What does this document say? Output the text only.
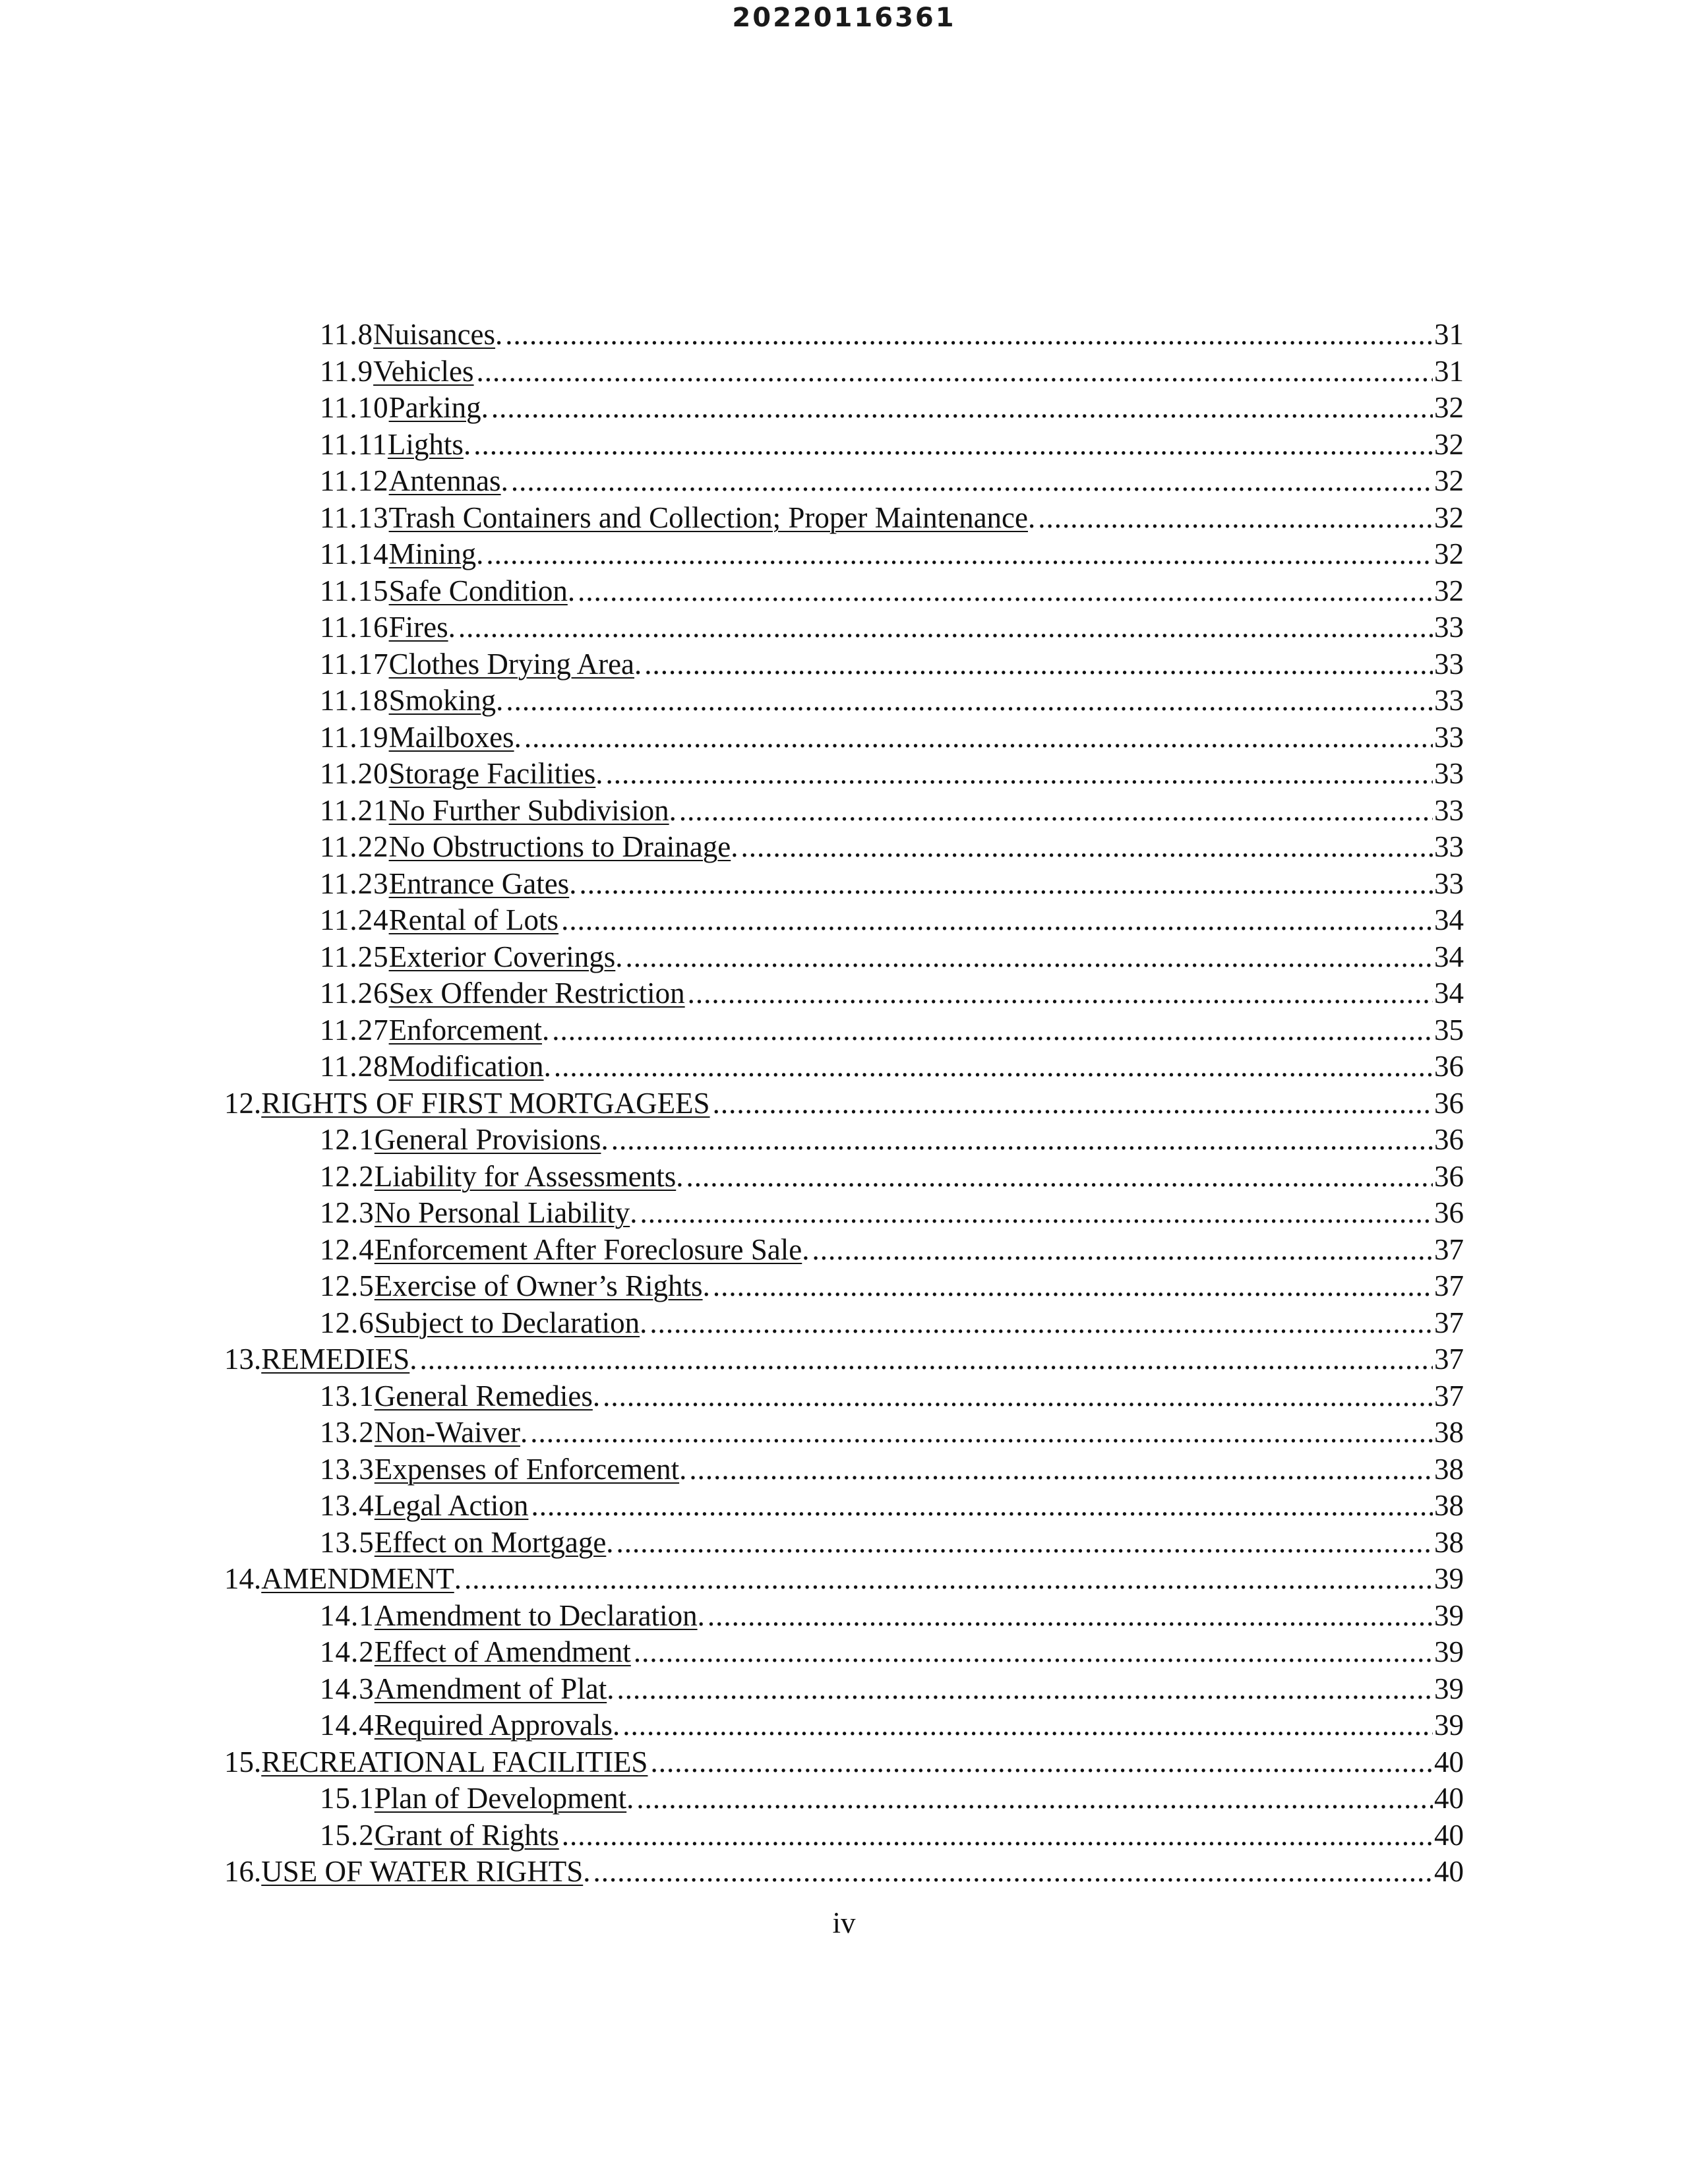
20220116361
11.8 Nuisances . .....	31
11.9 Vehicles .....	31
11.10 Parking . .....	32
11.11 Lights . .....	32
11.12 Antennas . .....	32
11.13 Trash Containers and Collection; Proper Maintenance . .....	32
11.14 Mining . .....	32
11.15 Safe Condition . .....	32
11.16 Fires . .....	33
11.17 Clothes Drying Area . .....	33
11.18 Smoking . .....	33
11.19 Mailboxes . .....	33
11.20 Storage Facilities . .....	33
11.21 No Further Subdivision . .....	33
11.22 No Obstructions to Drainage . .....	33
11.23 Entrance Gates . .....	33
11.24 Rental of Lots .....	34
11.25 Exterior Coverings . .....	34
11.26 Sex Offender Restriction .....	34
11.27 Enforcement . .....	35
11.28 Modification . .....	36
12. RIGHTS OF FIRST MORTGAGEES .....	36
12.1 General Provisions . .....	36
12.2 Liability for Assessments . .....	36
12.3 No Personal Liability . .....	36
12.4 Enforcement After Foreclosure Sale . .....	37
12.5 Exercise of Owner’s Rights . .....	37
12.6 Subject to Declaration . .....	37
13. REMEDIES . .....	37
13.1 General Remedies . .....	37
13.2 Non-Waiver . .....	38
13.3 Expenses of Enforcement . .....	38
13.4 Legal Action .....	38
13.5 Effect on Mortgage . .....	38
14. AMENDMENT . .....	39
14.1 Amendment to Declaration . .....	39
14.2 Effect of Amendment .....	39
14.3 Amendment of Plat . .....	39
14.4 Required Approvals . .....	39
15. RECREATIONAL FACILITIES .....	40
15.1 Plan of Development . .....	40
15.2 Grant of Rights .....	40
16. USE OF WATER RIGHTS . .....	40
iv
